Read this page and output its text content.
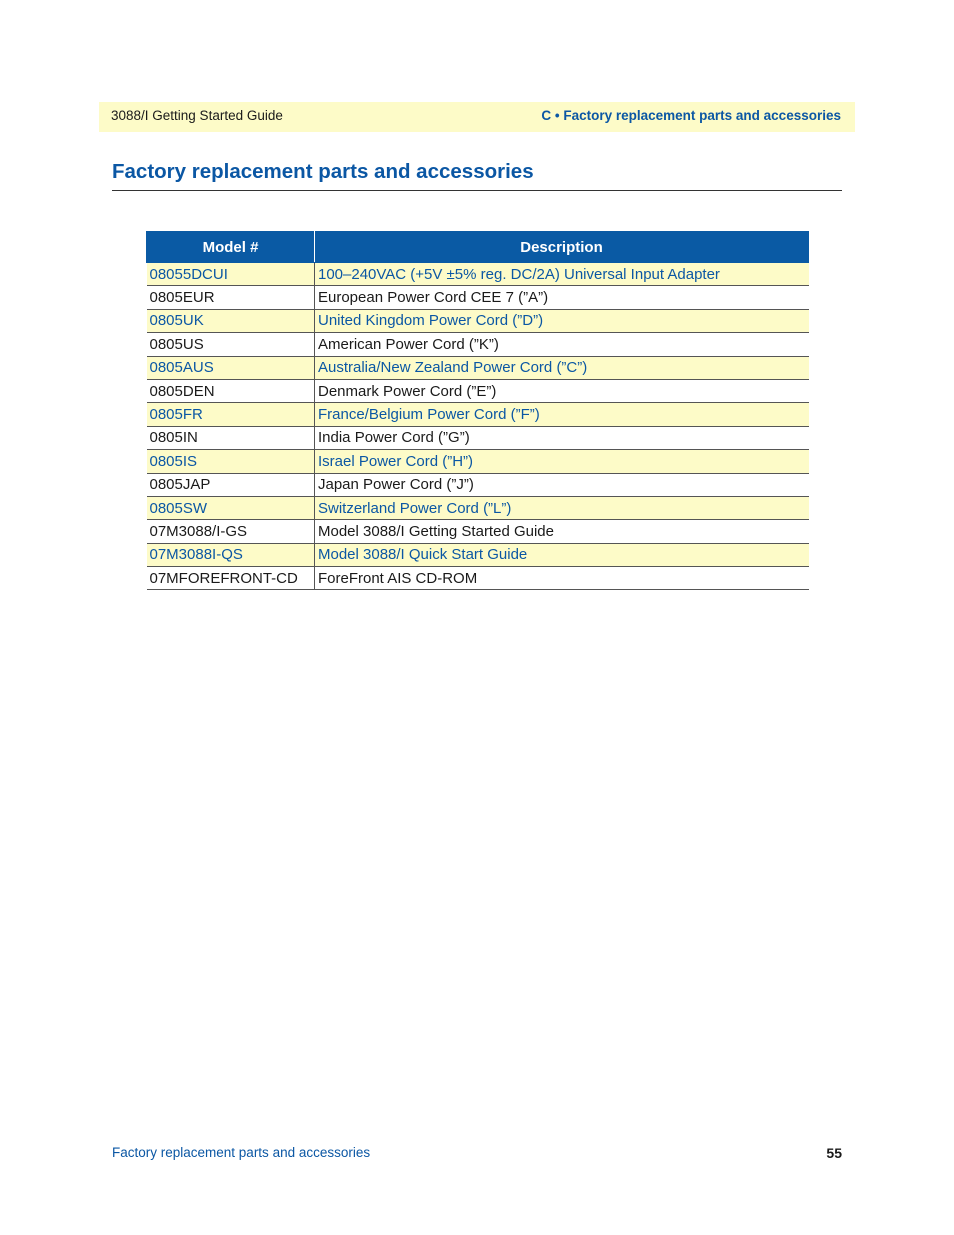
3088/I Getting Started Guide	C • Factory replacement parts and accessories
Factory replacement parts and accessories
Model #	Description
08055DCUI	100–240VAC (+5V ±5% reg. DC/2A) Universal Input Adapter
0805EUR	European Power Cord CEE 7 (”A”)
0805UK	United Kingdom Power Cord (”D”)
0805US	American Power Cord (”K”)
0805AUS	Australia/New Zealand Power Cord (”C”)
0805DEN	Denmark Power Cord (”E”)
0805FR	France/Belgium Power Cord (”F”)
0805IN	India Power Cord (”G”)
0805IS	Israel Power Cord (”H”)
0805JAP	Japan Power Cord (”J”)
0805SW	Switzerland Power Cord (”L”)
07M3088/I-GS	Model 3088/I Getting Started Guide
07M3088I-QS	Model 3088/I Quick Start Guide
07MFOREFRONT-CD	ForeFront AIS CD-ROM
Factory replacement parts and accessories	55
